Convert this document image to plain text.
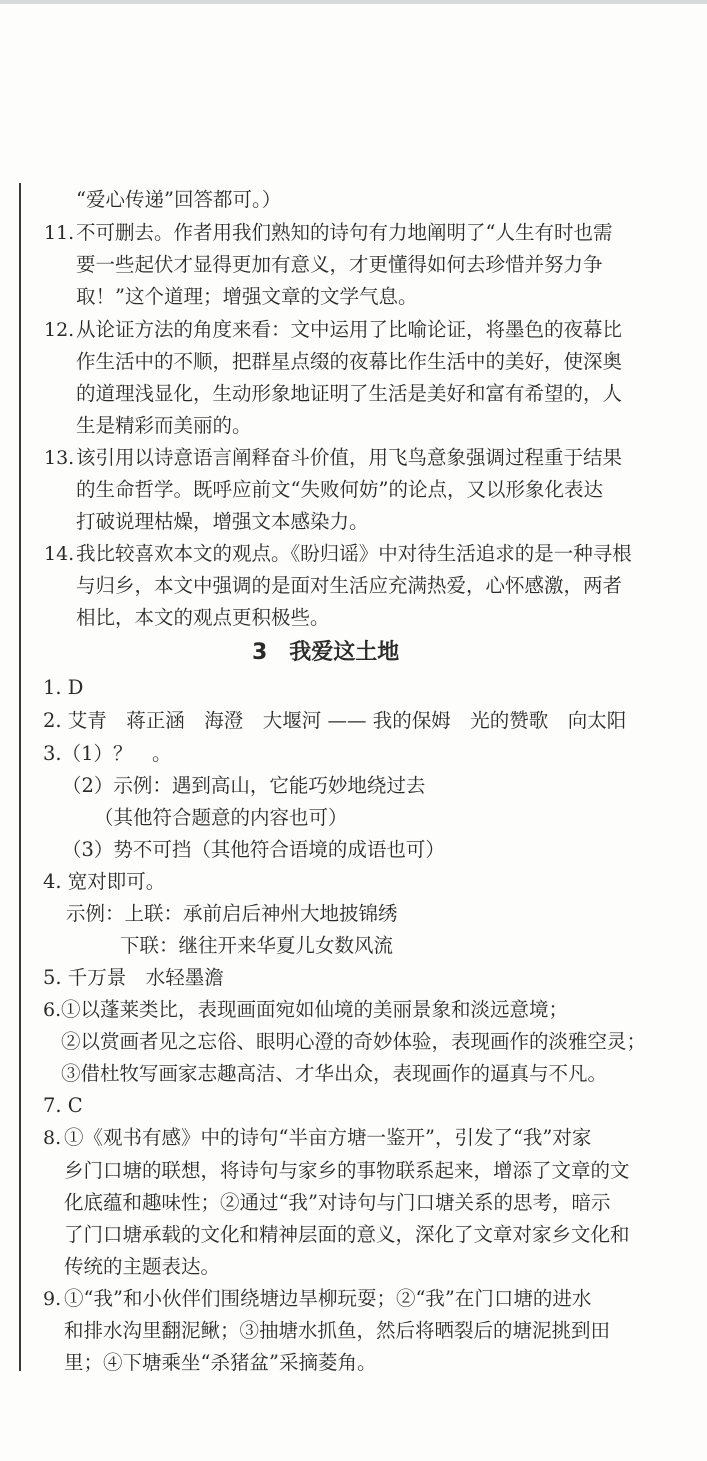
“爱心传递”回答都可。）
11. 不可删去。作者用我们熟知的诗句有力地阐明了“人生有时也需
要一些起伏才显得更加有意义，才更懂得如何去珍惜并努力争
取！”这个道理；增强文章的文学气息。
12. 从论证方法的角度来看：文中运用了比喻论证，将墨色的夜幕比
作生活中的不顺，把群星点缀的夜幕比作生活中的美好，使深奥
的道理浅显化，生动形象地证明了生活是美好和富有希望的，人
生是精彩而美丽的。
13. 该引用以诗意语言阐释奋斗价值，用飞鸟意象强调过程重于结果
的生命哲学。既呼应前文“失败何妨”的论点，又以形象化表达
打破说理枯燥，增强文本感染力。
14. 我比较喜欢本文的观点。《盼归谣》中对待生活追求的是一种寻根
与归乡，本文中强调的是面对生活应充满热爱，心怀感激，两者
相比，本文的观点更积极些。
3　我爱这土地
1. D
2. 艾青　蒋正涵　海澄　大堰河 —— 我的保姆　光的赞歌　向太阳
3.（1）？　。
（2）示例：遇到高山，它能巧妙地绕过去
（其他符合题意的内容也可）
（3）势不可挡（其他符合语境的成语也可）
4. 宽对即可。
示例：上联：承前启后神州大地披锦绣
下联：继往开来华夏儿女数风流
5. 千万景　水轻墨澹
6. ①以蓬莱类比，表现画面宛如仙境的美丽景象和淡远意境；
②以赏画者见之忘俗、眼明心澄的奇妙体验，表现画作的淡雅空灵；
③借杜牧写画家志趣高洁、才华出众，表现画作的逼真与不凡。
7. C
8. ①《观书有感》中的诗句“半亩方塘一鉴开”，引发了“我”对家
乡门口塘的联想，将诗句与家乡的事物联系起来，增添了文章的文
化底蕴和趣味性；②通过“我”对诗句与门口塘关系的思考，暗示
了门口塘承载的文化和精神层面的意义，深化了文章对家乡文化和
传统的主题表达。
9. ①“我”和小伙伴们围绕塘边旱柳玩耍；②“我”在门口塘的进水
和排水沟里翻泥鳅；③抽塘水抓鱼，然后将晒裂后的塘泥挑到田
里；④下塘乘坐“杀猪盆”采摘菱角。
